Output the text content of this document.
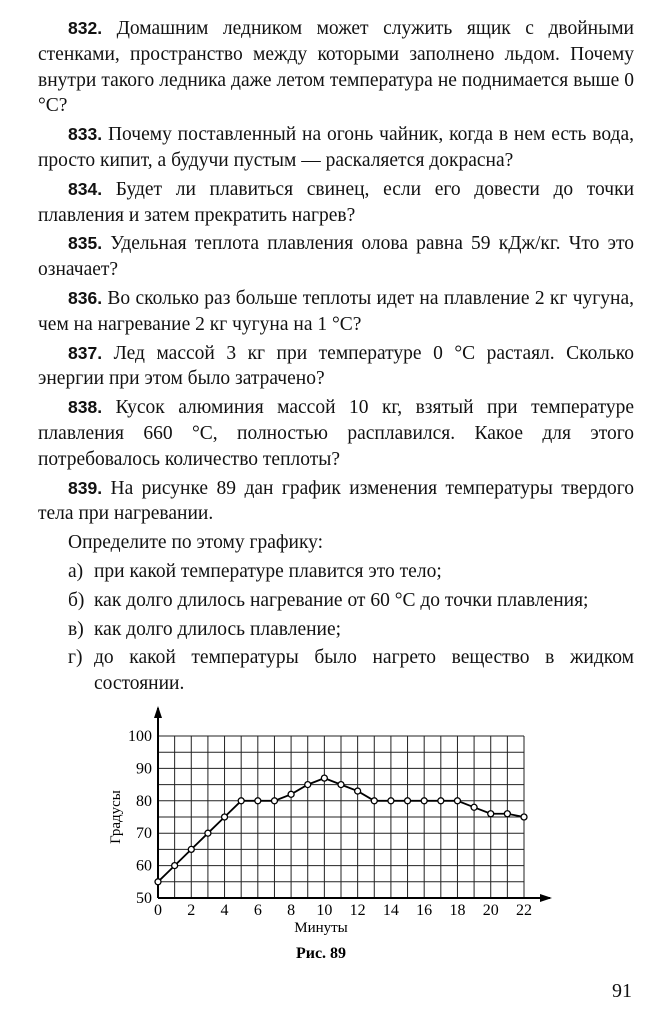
832. Домашним ледником может служить ящик с двойными стенками, пространство между которыми заполнено льдом. Почему внутри такого ледника даже летом температура не поднимается выше 0 °С?

833. Почему поставленный на огонь чайник, когда в нем есть вода, просто кипит, а будучи пустым — раскаляется докрасна?

834. Будет ли плавиться свинец, если его довести до точки плавления и затем прекратить нагрев?

835. Удельная теплота плавления олова равна 59 кДж/кг. Что это означает?

836. Во сколько раз больше теплоты идет на плавление 2 кг чугуна, чем на нагревание 2 кг чугуна на 1 °С?

837. Лед массой 3 кг при температуре 0 °С растаял. Сколько энергии при этом было затрачено?

838. Кусок алюминия массой 10 кг, взятый при температуре плавления 660 °С, полностью расплавился. Какое для этого потребовалось количество теплоты?

839. На рисунке 89 дан график изменения температуры твердого тела при нагревании.

Определите по этому графику:

а) при какой температуре плавится это тело;
б) как долго длилось нагревание от 60 °С до точки плавления;
в) как долго длилось плавление;
г) до какой температуры было нагрето вещество в жидком состоянии.
50
60
70
80
90
100
0 2 4 6 8 10 12 14 16 18 20 22
Градусы
Минуты
Рис. 89
91
